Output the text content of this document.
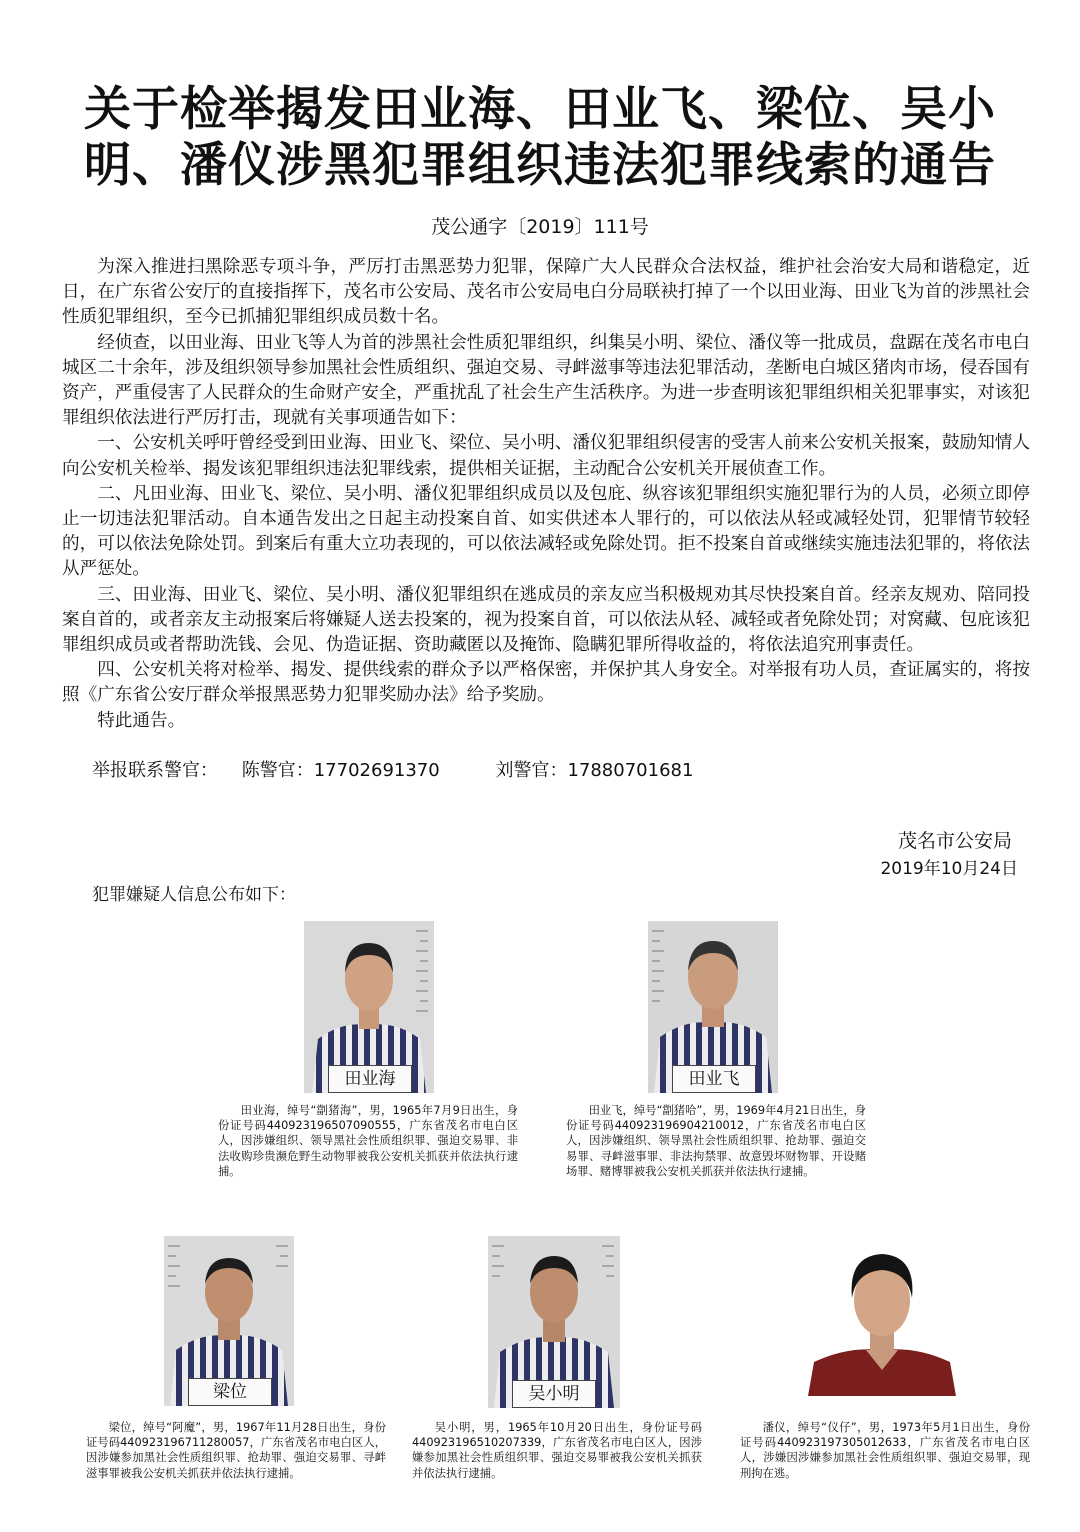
关于检举揭发田业海、田业飞、梁位、吴小
明、潘仪涉黑犯罪组织违法犯罪线索的通告
茂公通字〔2019〕111号

为深入推进扫黑除恶专项斗争，严厉打击黑恶势力犯罪，保障广大人民群众合法权益，维护社会治安大局和谐稳定，近日，在广东省公安厅的直接指挥下，茂名市公安局、茂名市公安局电白分局联袂打掉了一个以田业海、田业飞为首的涉黑社会性质犯罪组织，至今已抓捕犯罪组织成员数十名。

经侦查，以田业海、田业飞等人为首的涉黑社会性质犯罪组织，纠集吴小明、梁位、潘仪等一批成员，盘踞在茂名市电白城区二十余年，涉及组织领导参加黑社会性质组织、强迫交易、寻衅滋事等违法犯罪活动，垄断电白城区猪肉市场，侵吞国有资产，严重侵害了人民群众的生命财产安全，严重扰乱了社会生产生活秩序。为进一步查明该犯罪组织相关犯罪事实，对该犯罪组织依法进行严厉打击，现就有关事项通告如下：

一、公安机关呼吁曾经受到田业海、田业飞、梁位、吴小明、潘仪犯罪组织侵害的受害人前来公安机关报案，鼓励知情人向公安机关检举、揭发该犯罪组织违法犯罪线索，提供相关证据，主动配合公安机关开展侦查工作。

二、凡田业海、田业飞、梁位、吴小明、潘仪犯罪组织成员以及包庇、纵容该犯罪组织实施犯罪行为的人员，必须立即停止一切违法犯罪活动。自本通告发出之日起主动投案自首、如实供述本人罪行的，可以依法从轻或减轻处罚，犯罪情节较轻的，可以依法免除处罚。到案后有重大立功表现的，可以依法减轻或免除处罚。拒不投案自首或继续实施违法犯罪的，将依法从严惩处。

三、田业海、田业飞、梁位、吴小明、潘仪犯罪组织在逃成员的亲友应当积极规劝其尽快投案自首。经亲友规劝、陪同投案自首的，或者亲友主动报案后将嫌疑人送去投案的，视为投案自首，可以依法从轻、减轻或者免除处罚；对窝藏、包庇该犯罪组织成员或者帮助洗钱、会见、伪造证据、资助藏匿以及掩饰、隐瞒犯罪所得收益的，将依法追究刑事责任。

四、公安机关将对检举、揭发、提供线索的群众予以严格保密，并保护其人身安全。对举报有功人员，查证属实的，将按照《广东省公安厅群众举报黑恶势力犯罪奖励办法》给予奖励。

特此通告。

举报联系警官： 陈警官：17702691370	刘警官：17880701681
茂名市公安局
2019年10月24日
犯罪嫌疑人信息公布如下：
田业海

田业海，绰号“劏猪海”，男，1965年7月9日出生，身份证号码440923196507090555，广东省茂名市电白区人，因涉嫌组织、领导黑社会性质组织罪、强迫交易罪、非法收购珍贵濒危野生动物罪被我公安机关抓获并依法执行逮捕。

田业飞

田业飞，绰号“劏猪哈”，男，1969年4月21日出生，身份证号码440923196904210012，广东省茂名市电白区人，因涉嫌组织、领导黑社会性质组织罪、抢劫罪、强迫交易罪、寻衅滋事罪、非法拘禁罪、故意毁坏财物罪、开设赌场罪、赌博罪被我公安机关抓获并依法执行逮捕。

梁位

梁位，绰号“阿魔”，男，1967年11月28日出生，身份证号码440923196711280057，广东省茂名市电白区人，因涉嫌参加黑社会性质组织罪、抢劫罪、强迫交易罪、寻衅滋事罪被我公安机关抓获并依法执行逮捕。

吴小明

吴小明，男，1965年10月20日出生，身份证号码440923196510207339，广东省茂名市电白区人，因涉嫌参加黑社会性质组织罪、强迫交易罪被我公安机关抓获并依法执行逮捕。

潘仪，绰号“仪仔”，男，1973年5月1日出生，身份证号码440923197305012633，广东省茂名市电白区人，涉嫌因涉嫌参加黑社会性质组织罪、强迫交易罪，现刑拘在逃。
